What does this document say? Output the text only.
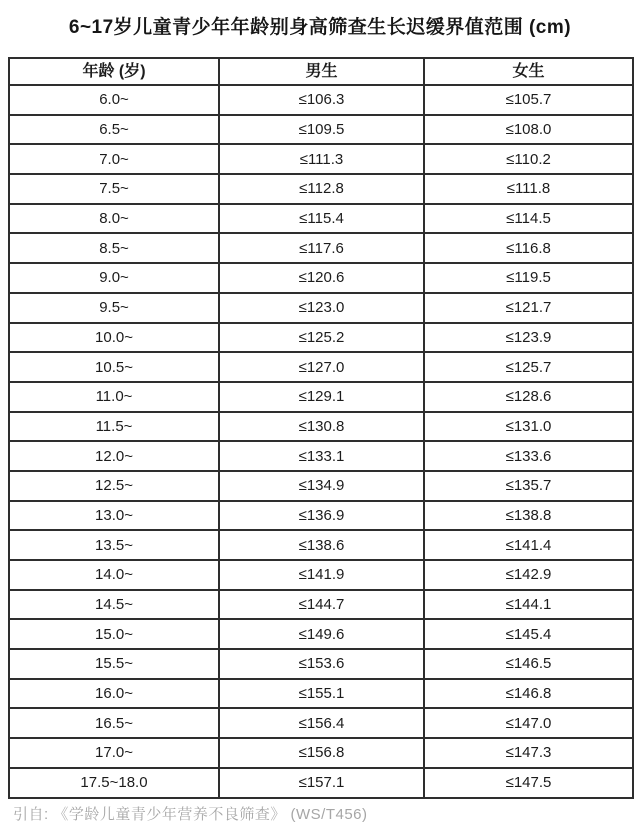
6~17岁儿童青少年年龄别身高筛查生长迟缓界值范围 (cm)
年龄 (岁)	男生	女生
6.0~	≤106.3	≤105.7
6.5~	≤109.5	≤108.0
7.0~	≤111.3	≤110.2
7.5~	≤112.8	≤111.8
8.0~	≤115.4	≤114.5
8.5~	≤117.6	≤116.8
9.0~	≤120.6	≤119.5
9.5~	≤123.0	≤121.7
10.0~	≤125.2	≤123.9
10.5~	≤127.0	≤125.7
11.0~	≤129.1	≤128.6
11.5~	≤130.8	≤131.0
12.0~	≤133.1	≤133.6
12.5~	≤134.9	≤135.7
13.0~	≤136.9	≤138.8
13.5~	≤138.6	≤141.4
14.0~	≤141.9	≤142.9
14.5~	≤144.7	≤144.1
15.0~	≤149.6	≤145.4
15.5~	≤153.6	≤146.5
16.0~	≤155.1	≤146.8
16.5~	≤156.4	≤147.0
17.0~	≤156.8	≤147.3
17.5~18.0	≤157.1	≤147.5
引自: 《学龄儿童青少年营养不良筛查》 (WS/T456)
